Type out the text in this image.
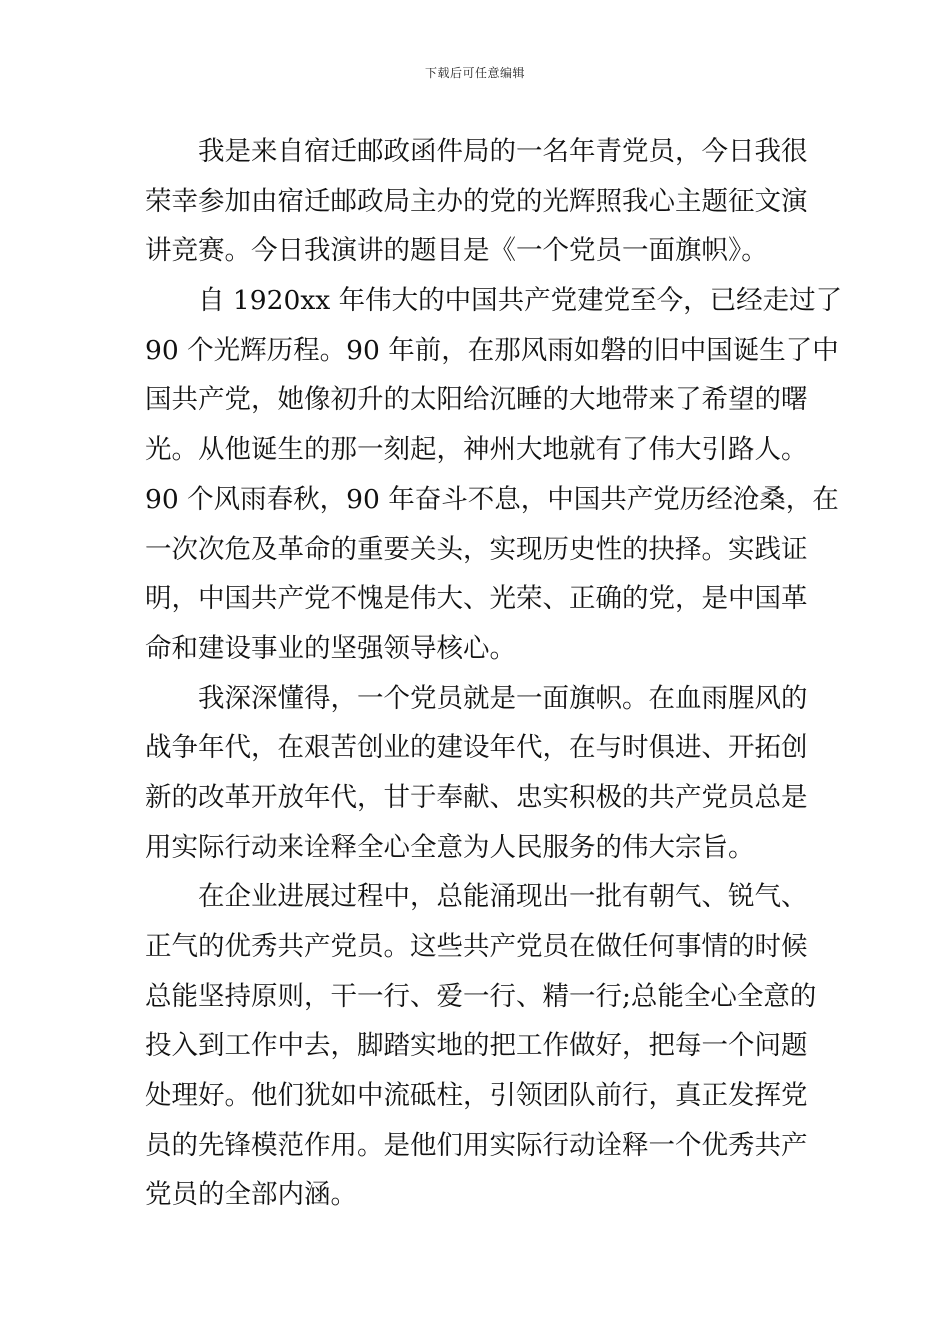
下载后可任意编辑
我是来自宿迁邮政函件局的一名年青党员，今日我很
荣幸参加由宿迁邮政局主办的党的光辉照我心主题征文演
讲竞赛。今日我演讲的题目是《一个党员一面旗帜》。
自 1920xx 年伟大的中国共产党建党至今，已经走过了
90 个光辉历程。90 年前，在那风雨如磐的旧中国诞生了中
国共产党，她像初升的太阳给沉睡的大地带来了希望的曙
光。从他诞生的那一刻起，神州大地就有了伟大引路人。
90 个风雨春秋，90 年奋斗不息，中国共产党历经沧桑，在
一次次危及革命的重要关头，实现历史性的抉择。实践证
明，中国共产党不愧是伟大、光荣、正确的党，是中国革
命和建设事业的坚强领导核心。
我深深懂得，一个党员就是一面旗帜。在血雨腥风的
战争年代，在艰苦创业的建设年代，在与时俱进、开拓创
新的改革开放年代，甘于奉献、忠实积极的共产党员总是
用实际行动来诠释全心全意为人民服务的伟大宗旨。
在企业进展过程中，总能涌现出一批有朝气、锐气、
正气的优秀共产党员。这些共产党员在做任何事情的时候
总能坚持原则，干一行、爱一行、精一行;总能全心全意的
投入到工作中去，脚踏实地的把工作做好，把每一个问题
处理好。他们犹如中流砥柱，引领团队前行，真正发挥党
员的先锋模范作用。是他们用实际行动诠释一个优秀共产
党员的全部内涵。
